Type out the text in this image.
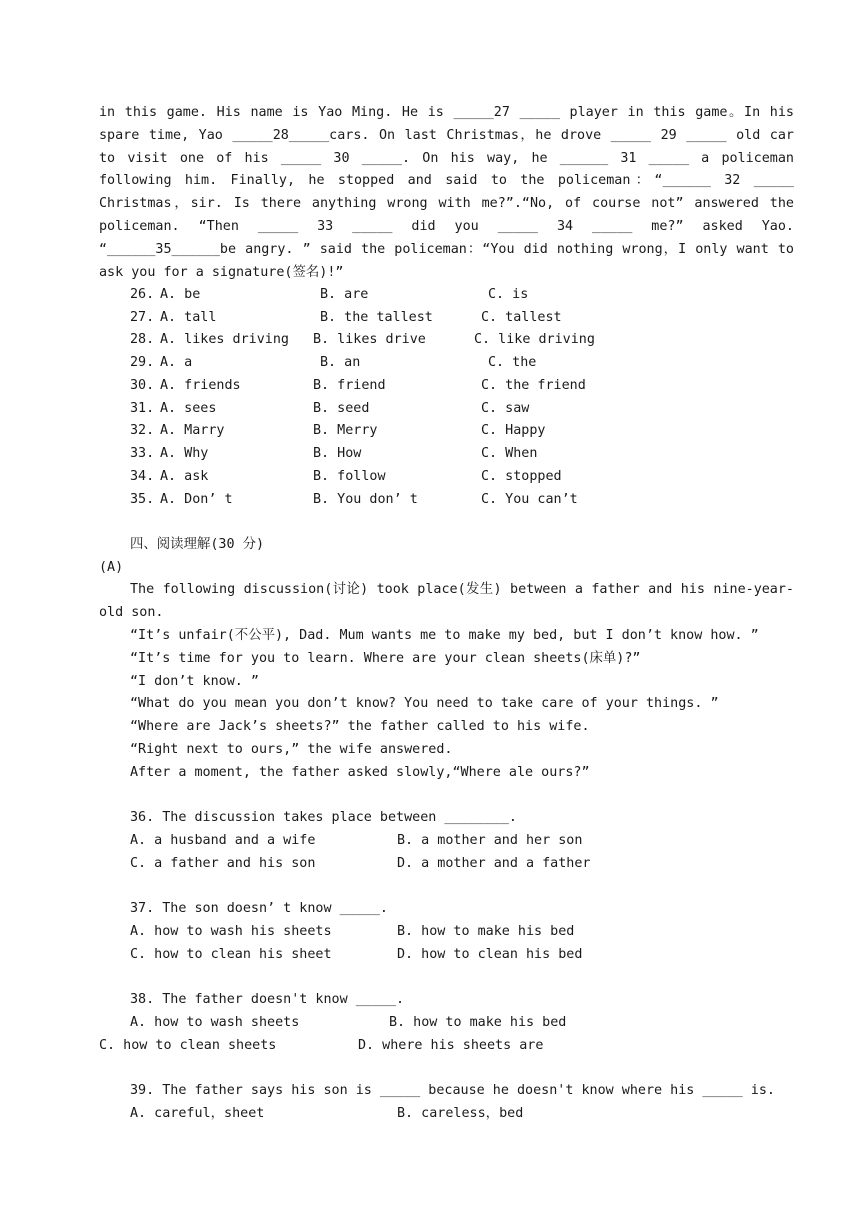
in this game. His name is Yao Ming. He is _____27 _____ player in this game。In his spare time, Yao _____28_____cars. On last Christmas，he drove _____ 29 _____ old car to visit one of his _____ 30 _____. On his way, he ______ 31 _____ a policeman following him. Finally, he stopped and said to the policeman：“______ 32 _____ Christmas，sir. Is there anything wrong with me?”.“No, of course not” answered the policeman. “Then _____ 33 _____ did you _____ 34 _____ me?” asked Yao. “______35______be angry. ” said the policeman：“You did nothing wrong，I only want to ask you for a signature(签名)!”

26. A. be	B. are	C. is
27. A. tall	B. the tallest	C. tallest
28. A. likes driving B. likes drive	C. like driving
29. A. a	B. an	C. the
30. A. friends	B. friend	C. the friend
31. A. sees	B. seed	C. saw
32. A. Marry	B. Merry	C. Happy
33. A. Why	B. How	C. When
34. A. ask	B. follow	C. stopped
35. A. Don’ t	B. You don’ t	C. You can’t
四、阅读理解(30 分)
(A)

The following discussion(讨论) took place(发生) between a father and his nine-year-old son.

“It’s unfair(不公平), Dad. Mum wants me to make my bed, but I don’t know how. ”
“It’s time for you to learn. Where are your clean sheets(床单)?”
“I don’t know. ”
“What do you mean you don’t know? You need to take care of your things. ”
“Where are Jack’s sheets?” the father called to his wife.
“Right next to ours,” the wife answered.
After a moment, the father asked slowly,“Where ale ours?”
36. The discussion takes place between ________.
A. a husband and a wife	B. a mother and her son
C. a father and his son	D. a mother and a father
37. The son doesn’ t know _____.
A. how to wash his sheets	B. how to make his bed
C. how to clean his sheet	D. how to clean his bed
38. The father doesn't know _____.
A. how to wash sheets	B. how to make his bed
C. how to clean sheets	D. where his sheets are
39. The father says his son is _____ because he doesn't know where his _____ is.
A. careful，sheet	B. careless，bed
